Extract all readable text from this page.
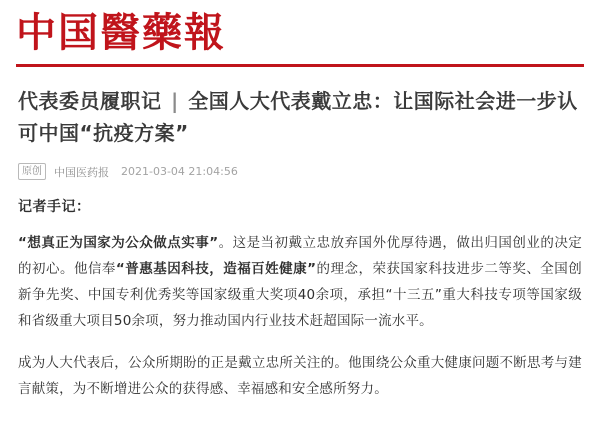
中国醫藥報
代表委员履职记 | 全国人大代表戴立忠：让国际社会进一步认可中国“抗疫方案”
原创	中国医药报 2021-03-04 21:04:56
记者手记：

“想真正为国家为公众做点实事”。这是当初戴立忠放弃国外优厚待遇，做出归国创业的决定的初心。他信奉“普惠基因科技，造福百姓健康”的理念，荣获国家科技进步二等奖、全国创新争先奖、中国专利优秀奖等国家级重大奖项40余项，承担“十三五”重大科技专项等国家级和省级重大项目50余项，努力推动国内行业技术赶超国际一流水平。

成为人大代表后，公众所期盼的正是戴立忠所关注的。他围绕公众重大健康问题不断思考与建言献策，为不断增进公众的获得感、幸福感和安全感所努力。
